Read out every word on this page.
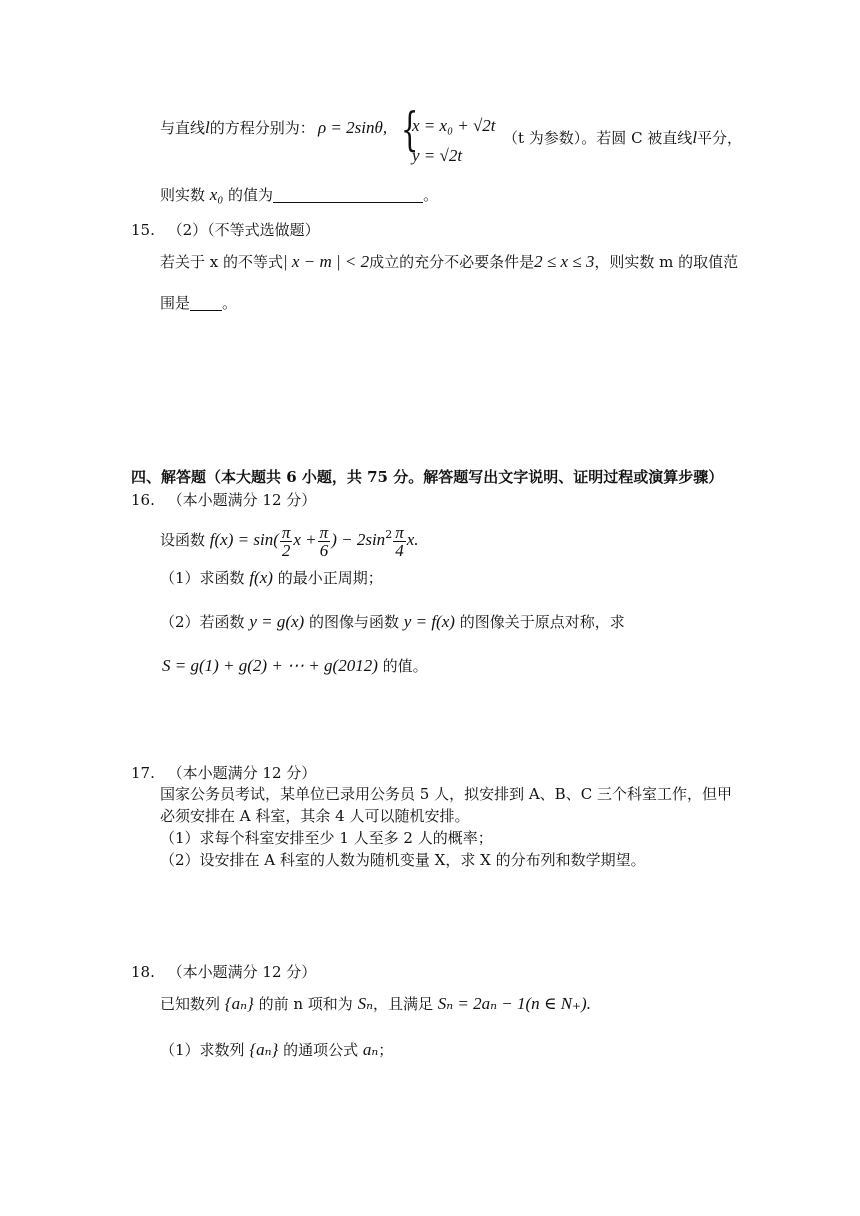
与直线l的方程分别为： ρ = 2sinθ, {
x = x₀ + √2t
y = √2t
（t 为参数）。若圆 C 被直线l平分，
则实数 x₀ 的值为	。
15. （2）（不等式选做题）
若关于 x 的不等式| x − m | < 2成立的充分不必要条件是2 ≤ x ≤ 3，则实数 m 的取值范
围是 。
四、解答题（本大题共 6 小题，共 75 分。解答题写出文字说明、证明过程或演算步骤）
16. （本小题满分 12 分）
设函数 $f(x) = \sin( \frac{\pi}{2}$ $x + \frac{\pi}{6}$ ) − $2\sin^2 \frac{\pi}{4} x$.
（1）求函数 f(x) 的最小正周期；
（2）若函数 y = g(x) 的图像与函数 y = f(x) 的图像关于原点对称，求
S = g(1) + g(2) + ⋯ + g(2012) 的值。
17. （本小题满分 12 分）
国家公务员考试，某单位已录用公务员 5 人，拟安排到 A、B、C 三个科室工作，但甲
必须安排在 A 科室，其余 4 人可以随机安排。
（1）求每个科室安排至少 1 人至多 2 人的概率；
（2）设安排在 A 科室的人数为随机变量 X，求 X 的分布列和数学期望。
18. （本小题满分 12 分）
已知数列 {aₙ} 的前 n 项和为 Sₙ，且满足 Sₙ = 2aₙ − 1(n ∈ N₊).
（1）求数列 {aₙ} 的通项公式 aₙ；
